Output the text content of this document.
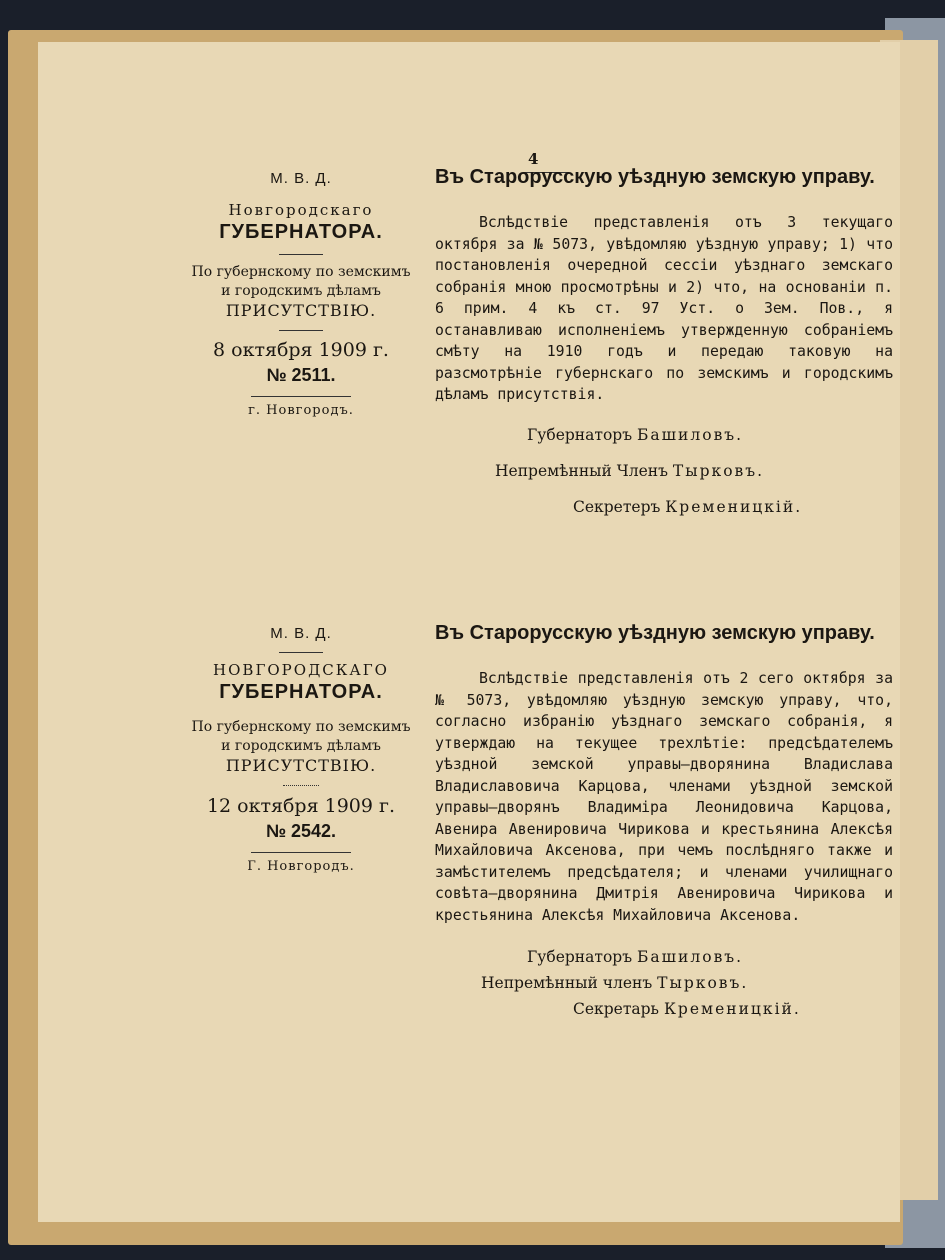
4
М. В. Д.
Новгородскаго
ГУБЕРНАТОРА.
По губернскому по земскимъ
и городскимъ дѣламъ
ПРИСУТСТВІЮ.
8 октября 1909 г.
№ 2511.
г. Новгородъ.
Въ Старорусскую уѣздную земскую управу.
Вслѣдствіе представленія отъ 3 текущаго октября за № 5073, увѣдомляю уѣздную управу; 1) что постановленія очередной сессіи уѣзднаго земскаго собранія мною просмотрѣны и 2) что, на основаніи п. 6 прим. 4 къ ст. 97 Уст. о Зем. Пов., я останавливаю исполненіемъ утвержденную собраніемъ смѣту на 1910 годъ и передаю таковую на разсмотрѣніе губернскаго по земскимъ и городскимъ дѣламъ присутствія.
Губернаторъ Башиловъ.
Непремѣнный Членъ Тырковъ.
Секретеръ Кременицкій.
М. В. Д.
НОВГОРОДСКАГО
ГУБЕРНАТОРА.
По губернскому по земскимъ
и городскимъ дѣламъ
ПРИСУТСТВІЮ.
12 октября 1909 г.
№ 2542.
Г. Новгородъ.
Въ Старорусскую уѣздную земскую управу.
Вслѣдствіе представленія отъ 2 сего октября за № 5073, увѣдомляю уѣздную земскую управу, что, согласно избранію уѣзднаго земскаго собранія, я утверждаю на текущее трехлѣтіе: предсѣдателемъ уѣздной земской управы—дворянина Владислава Владиславовича Карцова, членами уѣздной земской управы—дворянъ Владиміра Леонидовича Карцова, Авенира Авенировича Чирикова и крестьянина Алексѣя Михайловича Аксенова, при чемъ послѣдняго также и замѣстителемъ предсѣдателя; и членами училищнаго совѣта—дворянина Дмитрія Авенировича Чирикова и крестьянина Алексѣя Михайловича Аксенова.
Губернаторъ Башиловъ.
Непремѣнный членъ Тырковъ.
Секретарь Кременицкій.
